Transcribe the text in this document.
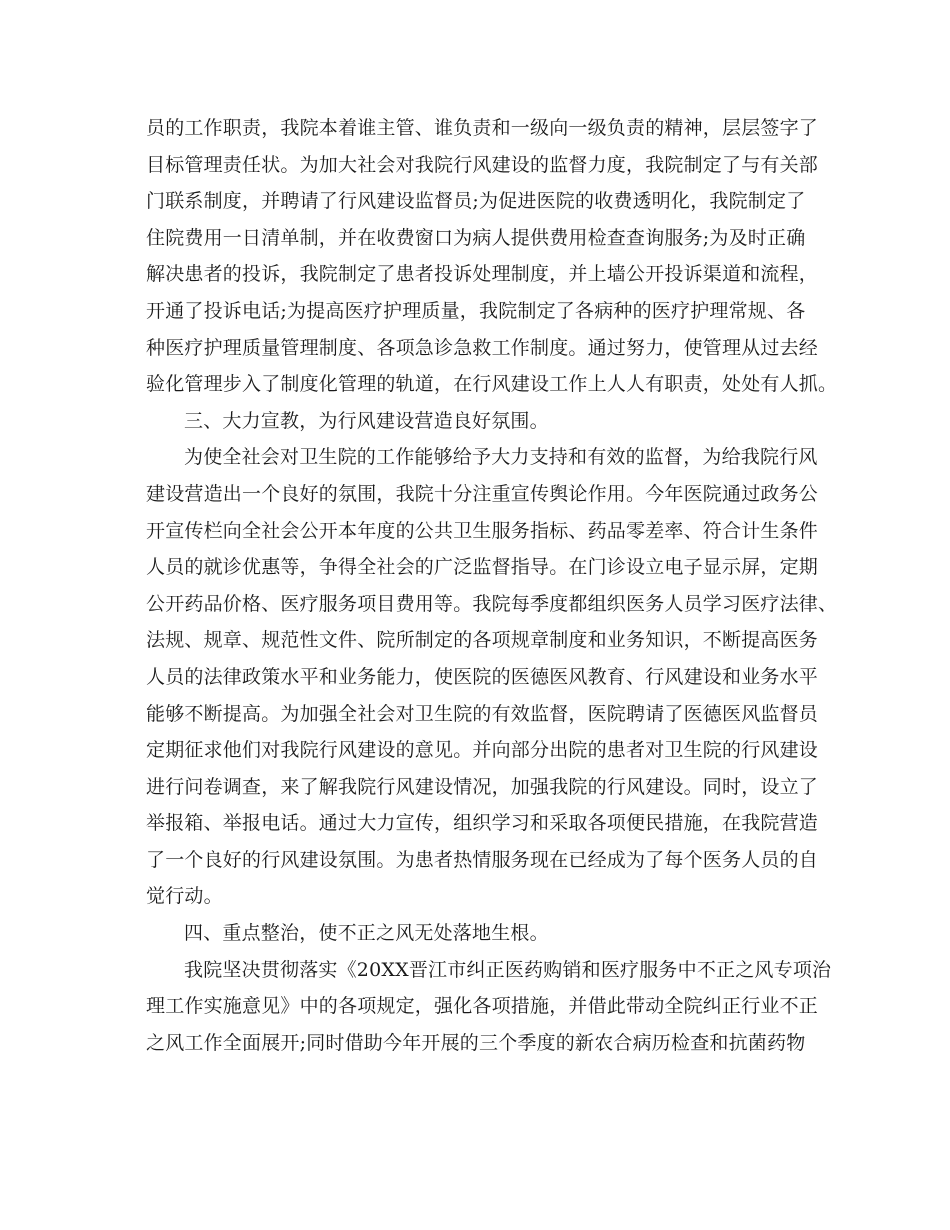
员的工作职责，我院本着谁主管、谁负责和一级向一级负责的精神，层层签字了
目标管理责任状。为加大社会对我院行风建设的监督力度，我院制定了与有关部
门联系制度，并聘请了行风建设监督员;为促进医院的收费透明化，我院制定了
住院费用一日清单制，并在收费窗口为病人提供费用检查查询服务;为及时正确
解决患者的投诉，我院制定了患者投诉处理制度，并上墙公开投诉渠道和流程，
开通了投诉电话;为提高医疗护理质量，我院制定了各病种的医疗护理常规、各
种医疗护理质量管理制度、各项急诊急救工作制度。通过努力，使管理从过去经
验化管理步入了制度化管理的轨道，在行风建设工作上人人有职责，处处有人抓。
三、大力宣教，为行风建设营造良好氛围。
为使全社会对卫生院的工作能够给予大力支持和有效的监督，为给我院行风
建设营造出一个良好的氛围，我院十分注重宣传舆论作用。今年医院通过政务公
开宣传栏向全社会公开本年度的公共卫生服务指标、药品零差率、符合计生条件
人员的就诊优惠等，争得全社会的广泛监督指导。在门诊设立电子显示屏，定期
公开药品价格、医疗服务项目费用等。我院每季度都组织医务人员学习医疗法律、
法规、规章、规范性文件、院所制定的各项规章制度和业务知识，不断提高医务
人员的法律政策水平和业务能力，使医院的医德医风教育、行风建设和业务水平
能够不断提高。为加强全社会对卫生院的有效监督，医院聘请了医德医风监督员
定期征求他们对我院行风建设的意见。并向部分出院的患者对卫生院的行风建设
进行问卷调查，来了解我院行风建设情况，加强我院的行风建设。同时，设立了
举报箱、举报电话。通过大力宣传，组织学习和采取各项便民措施，在我院营造
了一个良好的行风建设氛围。为患者热情服务现在已经成为了每个医务人员的自
觉行动。
四、重点整治，使不正之风无处落地生根。
我院坚决贯彻落实《20XX晋江市纠正医药购销和医疗服务中不正之风专项治
理工作实施意见》中的各项规定，强化各项措施，并借此带动全院纠正行业不正
之风工作全面展开;同时借助今年开展的三个季度的新农合病历检查和抗菌药物
